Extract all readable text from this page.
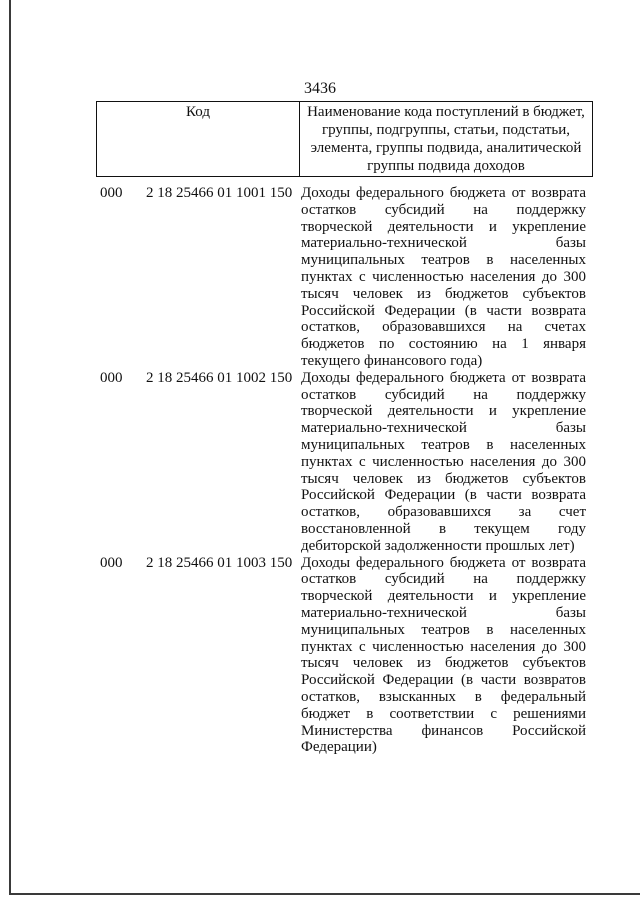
3436
Код	Наименование кода поступлений в бюджет, группы, подгруппы, статьи, подстатьи, элемента, группы подвида, аналитической группы подвида доходов
000	2 18 25466 01 1001 150 Доходы федерального бюджета от возврата остатков субсидий на поддержку творческой деятельности и укрепление материально-технической базы муниципальных театров в населенных пунктах с численностью населения до 300 тысяч человек из бюджетов субъектов Российской Федерации (в части возврата остатков, образовавшихся на счетах бюджетов по состоянию на 1 января текущего финансового года)
000	2 18 25466 01 1002 150 Доходы федерального бюджета от возврата остатков субсидий на поддержку творческой деятельности и укрепление материально-технической базы муниципальных театров в населенных пунктах с численностью населения до 300 тысяч человек из бюджетов субъектов Российской Федерации (в части возврата остатков, образовавшихся за счет восстановленной в текущем году дебиторской задолженности прошлых лет)
000	2 18 25466 01 1003 150 Доходы федерального бюджета от возврата остатков субсидий на поддержку творческой деятельности и укрепление материально-технической базы муниципальных театров в населенных пунктах с численностью населения до 300 тысяч человек из бюджетов субъектов Российской Федерации (в части возвратов остатков, взысканных в федеральный бюджет в соответствии с решениями Министерства финансов Российской Федерации)
